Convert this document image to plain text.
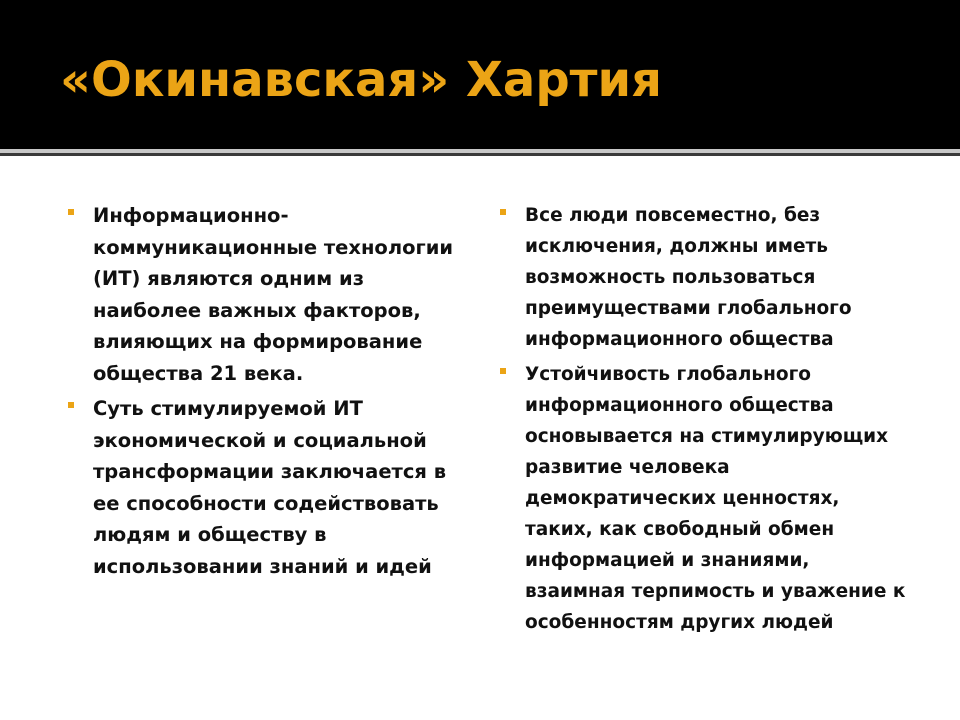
«Окинавская» Хартия
Информационно-коммуникационные технологии (ИТ) являются одним из наиболее важных факторов, влияющих на формирование общества 21 века.
Суть стимулируемой ИТ экономической и социальной трансформации заключается в ее способности содействовать людям и обществу в использовании знаний и идей
Все люди повсеместно, без исключения, должны иметь возможность пользоваться преимуществами глобального информационного общества
Устойчивость глобального информационного общества основывается на стимулирующих развитие человека демократических ценностях, таких, как свободный обмен информацией и знаниями, взаимная терпимость и уважение к особенностям других людей
